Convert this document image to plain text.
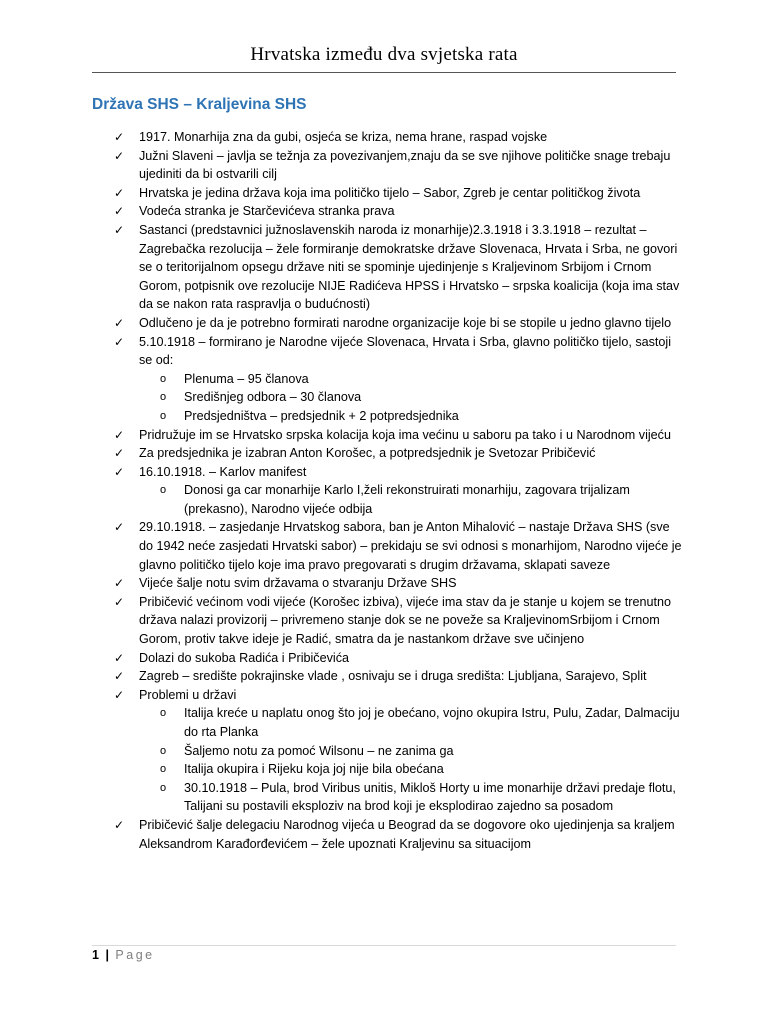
Hrvatska između dva svjetska rata
Država SHS – Kraljevina SHS
✓ 1917. Monarhija zna da gubi, osjeća se kriza, nema hrane, raspad vojske
✓ Južni Slaveni – javlja se težnja za povezivanjem,znaju da se sve njihove političke snage trebaju ujediniti da bi ostvarili cilj
✓ Hrvatska je jedina država koja ima političko tijelo – Sabor, Zgreb je centar političkog života
✓ Vodeća stranka je Starčevićeva stranka prava
✓ Sastanci (predstavnici južnoslavenskih naroda iz monarhije)2.3.1918 i 3.3.1918 – rezultat – Zagrebačka rezolucija – žele formiranje demokratske države Slovenaca, Hrvata i Srba, ne govori se o teritorijalnom opsegu države niti se spominje ujedinjenje s Kraljevinom Srbijom i Crnom Gorom, potpisnik ove rezolucije NIJE Radićeva HPSS i Hrvatsko – srpska koalicija (koja ima stav da se nakon rata raspravlja o budućnosti)
✓ Odlučeno je da je potrebno formirati narodne organizacije koje bi se stopile u jedno glavno tijelo
✓ 5.10.1918 – formirano je Narodne vijeće Slovenaca, Hrvata i Srba, glavno političko tijelo, sastoji se od:
o Plenuma – 95 članova
o Središnjeg odbora – 30 članova
o Predsjedništva – predsjednik + 2 potpredsjednika
✓ Pridružuje im se Hrvatsko srpska kolacija koja ima većinu u saboru pa tako i u Narodnom vijeću
✓ Za predsjednika je izabran Anton Korošec, a potpredsjednik je Svetozar Pribičević
✓ 16.10.1918. – Karlov manifest
o Donosi ga car monarhije Karlo I,želi rekonstruirati monarhiju, zagovara trijalizam (prekasno), Narodno vijeće odbija
✓ 29.10.1918. – zasjedanje Hrvatskog sabora, ban je Anton Mihalović – nastaje Država SHS (sve do 1942 neće zasjedati Hrvatski sabor) – prekidaju se svi odnosi s monarhijom, Narodno vijeće je glavno političko tijelo koje ima pravo pregovarati s drugim državama, sklapati saveze
✓ Vijeće šalje notu svim državama o stvaranju Države SHS
✓ Pribičević većinom vodi vijeće (Korošec izbiva), vijeće ima stav da je stanje u kojem se trenutno država nalazi provizorij – privremeno stanje dok se ne poveže sa KraljevinomSrbijom i Crnom Gorom, protiv takve ideje je Radić, smatra da je nastankom države sve učinjeno
✓ Dolazi do sukoba Radića i Pribičevića
✓ Zagreb – središte pokrajinske vlade , osnivaju se i druga središta: Ljubljana, Sarajevo, Split
✓ Problemi u državi
o Italija kreće u naplatu onog što joj je obećano, vojno okupira Istru, Pulu, Zadar, Dalmaciju do rta Planka
o Šaljemo notu za pomoć Wilsonu – ne zanima ga
o Italija okupira i Rijeku koja joj nije bila obećana
o 30.10.1918 – Pula, brod Viribus unitis, Mikloš Horty u ime monarhije državi predaje flotu, Talijani su postavili eksploziv na brod koji je eksplodirao zajedno sa posadom
✓ Pribičević šalje delegaciu Narodnog vijeća u Beograd da se dogovore oko ujedinjenja sa kraljem Aleksandrom Karađorđevićem – žele upoznati Kraljevinu sa situacijom
1 | Page
